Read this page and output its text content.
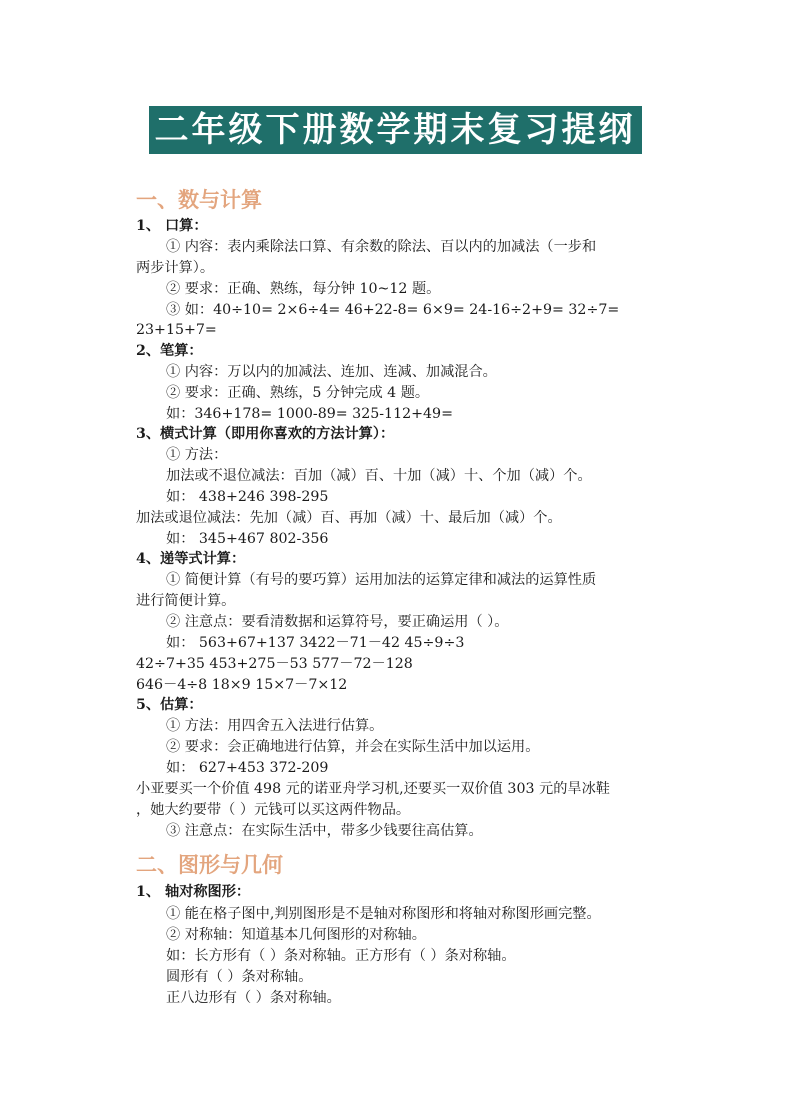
二年级下册数学期末复习提纲
一、数与计算
1、 口算：
① 内容：表内乘除法口算、有余数的除法、百以内的加减法（一步和
两步计算）。
② 要求：正确、熟练，每分钟 10~12 题。
③ 如：40÷10= 2×6÷4= 46+22-8= 6×9= 24-16÷2+9= 32÷7=
23+15+7=
2、笔算：
① 内容：万以内的加减法、连加、连减、加减混合。
② 要求：正确、熟练，5 分钟完成 4 题。
如：346+178= 1000-89= 325-112+49=
3、横式计算（即用你喜欢的方法计算）：
① 方法：
加法或不退位减法：百加（减）百、十加（减）十、个加（减）个。
如： 438+246 398-295
加法或退位减法：先加（减）百、再加（减）十、最后加（减）个。
如： 345+467 802-356
4、递等式计算：
① 简便计算（有号的要巧算）运用加法的运算定律和减法的运算性质
进行简便计算。
② 注意点：要看清数据和运算符号，要正确运用（ ）。
如： 563+67+137 3422－71－42 45÷9÷3
42÷7+35 453+275－53 577－72－128
646－4÷8 18×9 15×7－7×12
5、估算：
① 方法：用四舍五入法进行估算。
② 要求：会正确地进行估算，并会在实际生活中加以运用。
如： 627+453 372-209
小亚要买一个价值 498 元的诺亚舟学习机,还要买一双价值 303 元的旱冰鞋
，她大约要带（ ）元钱可以买这两件物品。
③ 注意点：在实际生活中，带多少钱要往高估算。
二、图形与几何
1、 轴对称图形：
① 能在格子图中,判别图形是不是轴对称图形和将轴对称图形画完整。
② 对称轴：知道基本几何图形的对称轴。
如：长方形有（ ）条对称轴。正方形有（ ）条对称轴。
圆形有（ ）条对称轴。
正八边形有（ ）条对称轴。
